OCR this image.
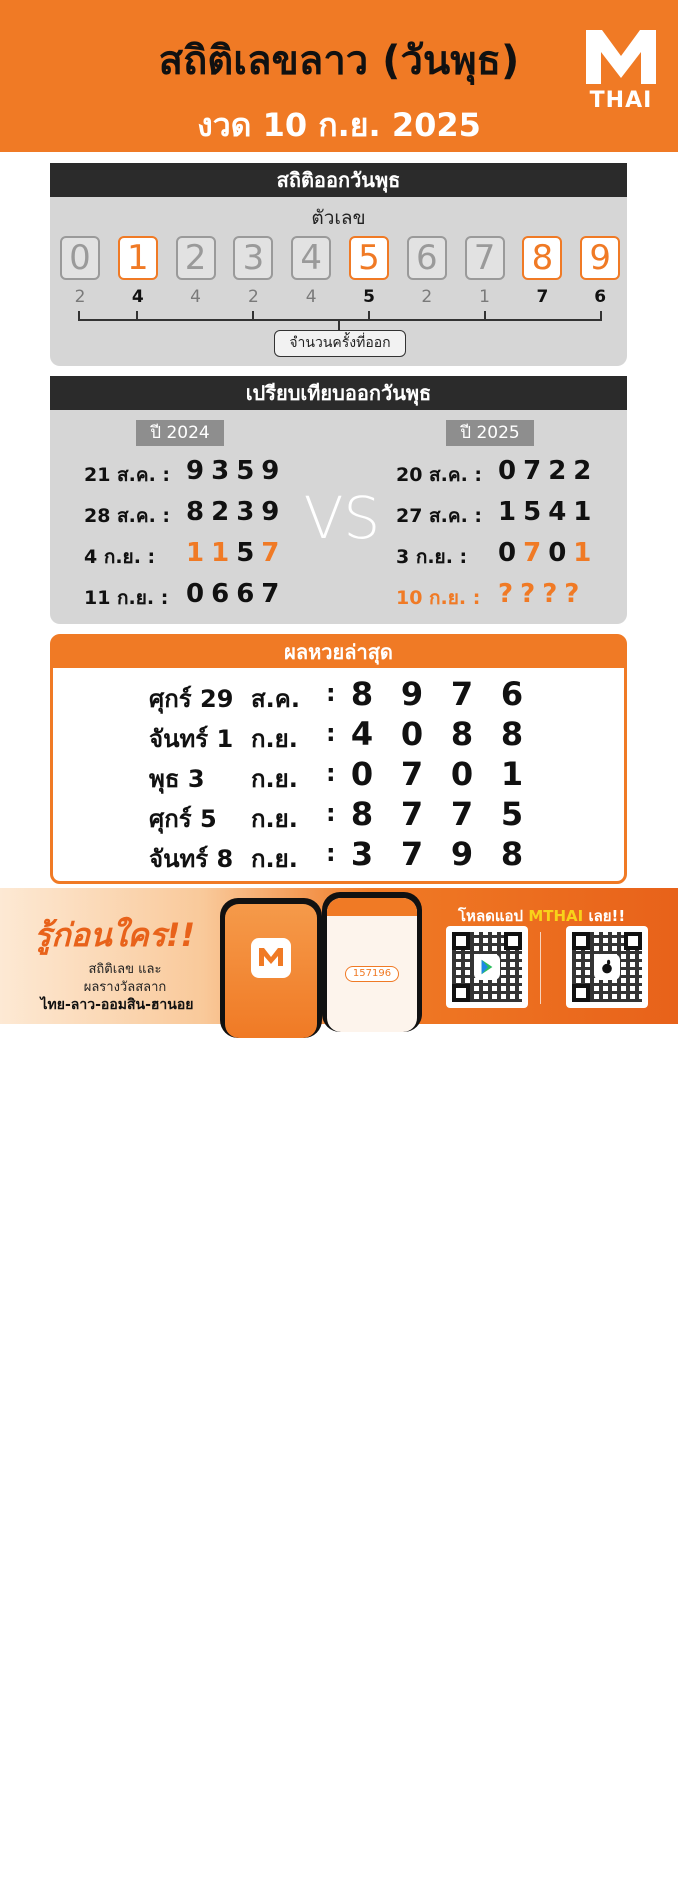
สถิติเลขลาว (วันพุธ)
งวด 10 ก.ย. 2025
THAI
สถิติออกวันพุธ
ตัวเลข
0
2
1
4
2
4
3
2
4
4
5
5
6
2
7
1
8
7
9
6
จำนวนครั้งที่ออก
เปรียบเทียบออกวันพุธ
ปี 2024	ปี 2025
VS
21 ส.ค. : 9359
28 ส.ค. : 8239
4 ก.ย. : 1157
11 ก.ย. : 0667
20 ส.ค. : 0722
27 ส.ค. : 1541
3 ก.ย. : 0701
10 ก.ย. : ????
ผลหวยล่าสุด
ศุกร์ 29 ส.ค. : 8 9 7 6
จันทร์ 1 ก.ย. : 4 0 8 8
พุธ 3 ก.ย. : 0 7 0 1
ศุกร์ 5 ก.ย. : 8 7 7 5
จันทร์ 8 ก.ย. : 3 7 9 8
รู้ก่อนใคร!!
สถิติเลข และ
ผลรางวัลสลาก
ไทย-ลาว-ออมสิน-ฮานอย
157196
MThai.com
โหลดแอป MTHAI เลย!!
